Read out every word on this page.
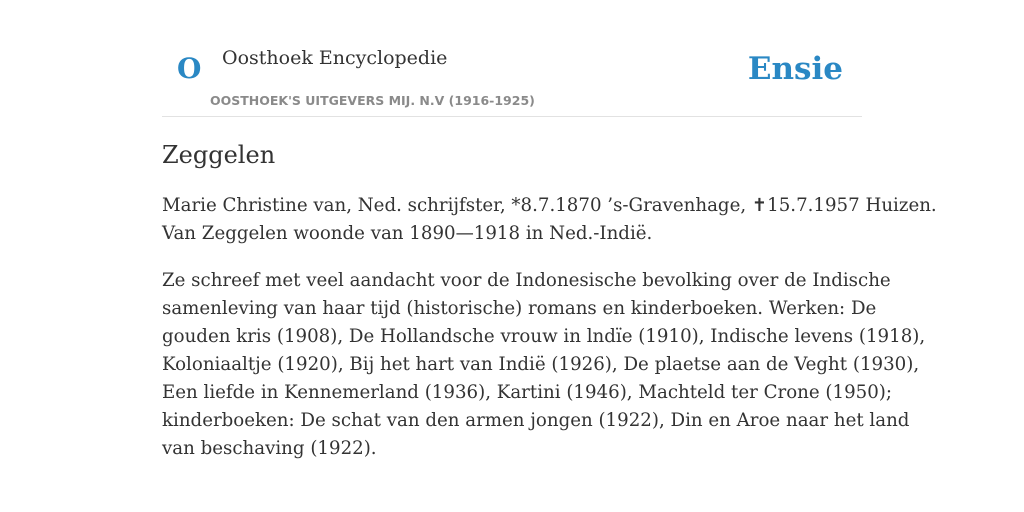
O Oosthoek Encyclopedie
OOSTHOEK'S UITGEVERS MIJ. N.V (1916-1925)
Ensie
Zeggelen

Marie Christine van, Ned. schrijfster, *8.7.1870 ’s-Gravenhage, ✝15.7.1957 Huizen.
Van Zeggelen woonde van 1890—1918 in Ned.-Indië.

Ze schreef met veel aandacht voor de Indonesische bevolking over de Indische
samenleving van haar tijd (historische) romans en kinderboeken. Werken: De
gouden kris (1908), De Hollandsche vrouw in lndïe (1910), Indische levens (1918),
Koloniaaltje (1920), Bij het hart van Indië (1926), De plaetse aan de Veght (1930),
Een liefde in Kennemerland (1936), Kartini (1946), Machteld ter Crone (1950);
kinderboeken: De schat van den armen jongen (1922), Din en Aroe naar het land
van beschaving (1922).
